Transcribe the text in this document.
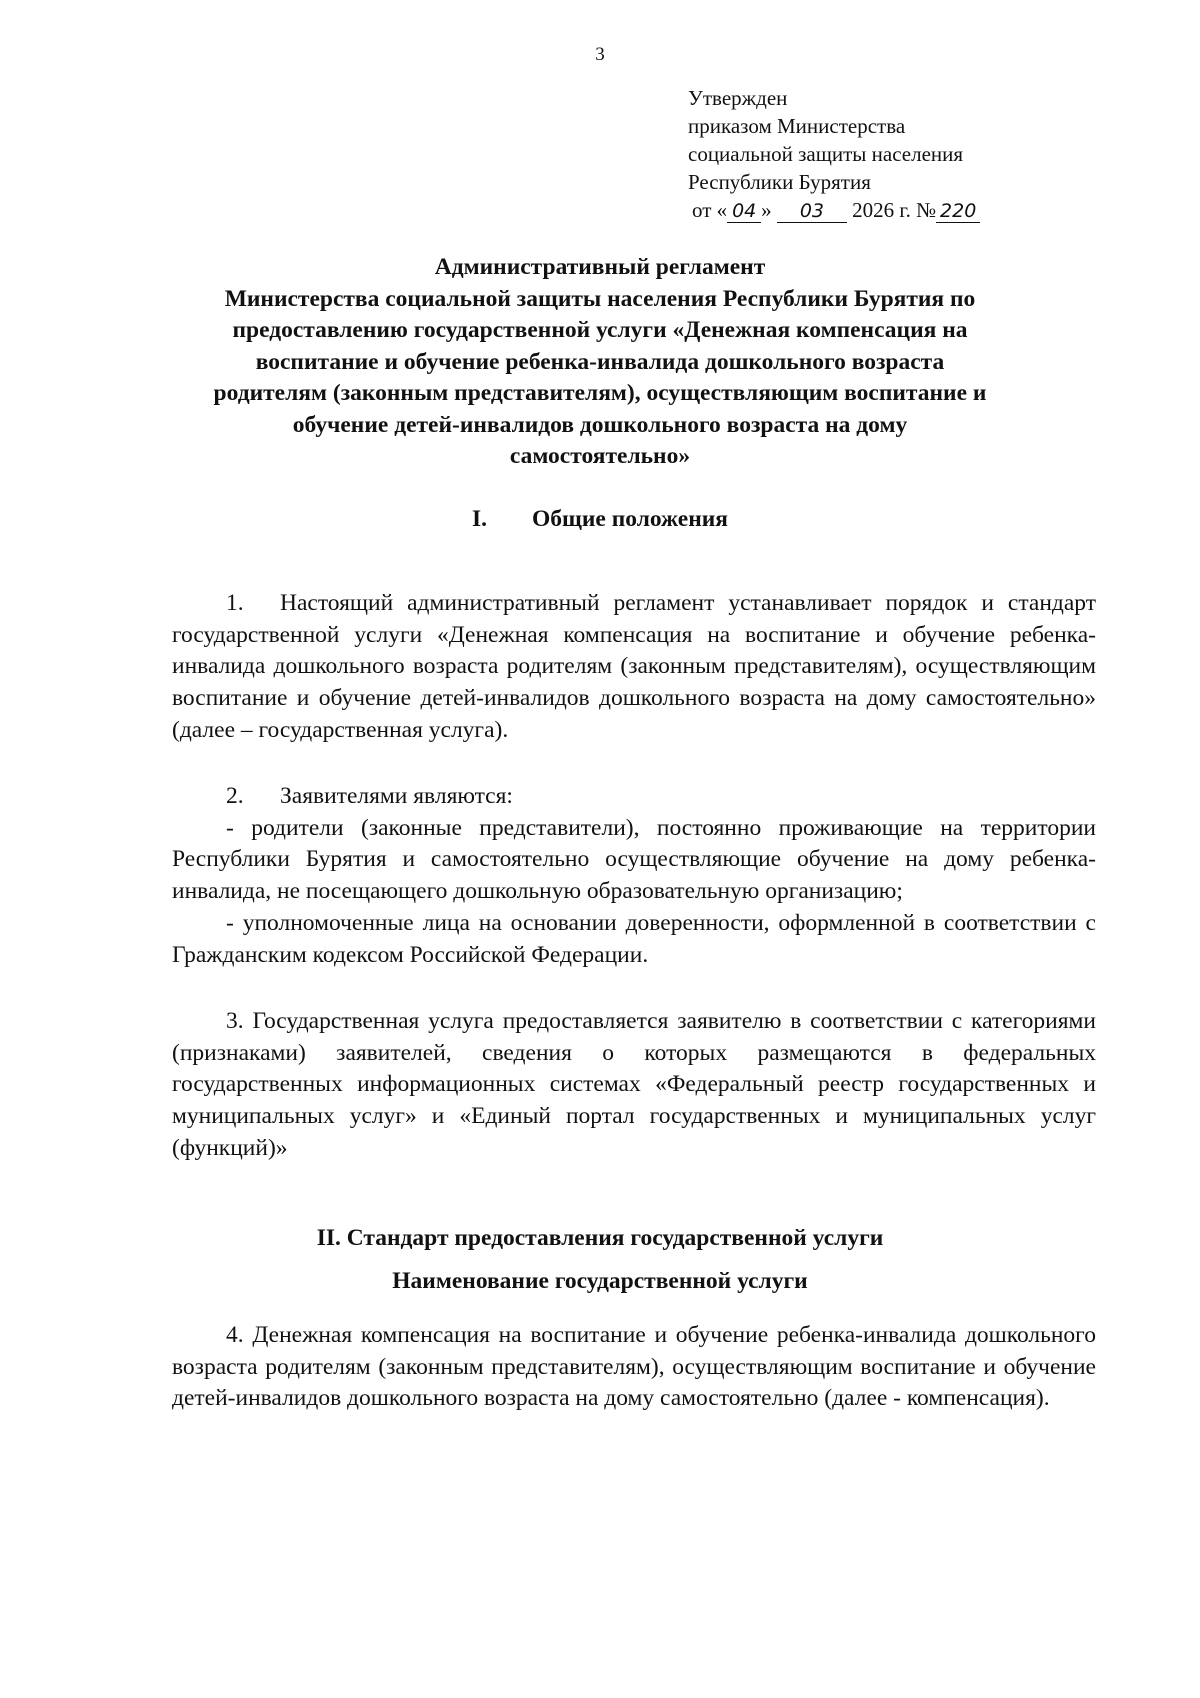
3
Утвержден
приказом Министерства
социальной защиты населения
Республики Бурятия
от « 04 » 03 2026 г. № 220
Административный регламент
Министерства социальной защиты населения Республики Бурятия по
предоставлению государственной услуги «Денежная компенсация на
воспитание и обучение ребенка-инвалида дошкольного возраста
родителям (законным представителям), осуществляющим воспитание и
обучение детей-инвалидов дошкольного возраста на дому
самостоятельно»
I. Общие положения

1. Настоящий административный регламент устанавливает порядок и стандарт государственной услуги «Денежная компенсация на воспитание и обучение ребенка-инвалида дошкольного возраста родителям (законным представителям), осуществляющим воспитание и обучение детей-инвалидов дошкольного возраста на дому самостоятельно» (далее – государственная услуга).

2. Заявителями являются:

- родители (законные представители), постоянно проживающие на территории Республики Бурятия и самостоятельно осуществляющие обучение на дому ребенка-инвалида, не посещающего дошкольную образовательную организацию;

- уполномоченные лица на основании доверенности, оформленной в соответствии с Гражданским кодексом Российской Федерации.

3. Государственная услуга предоставляется заявителю в соответствии с категориями (признаками) заявителей, сведения о которых размещаются в федеральных государственных информационных системах «Федеральный реестр государственных и муниципальных услуг» и «Единый портал государственных и муниципальных услуг (функций)»

II. Стандарт предоставления государственной услуги
Наименование государственной услуги

4. Денежная компенсация на воспитание и обучение ребенка-инвалида дошкольного возраста родителям (законным представителям), осуществляющим воспитание и обучение детей-инвалидов дошкольного возраста на дому самостоятельно (далее - компенсация).
